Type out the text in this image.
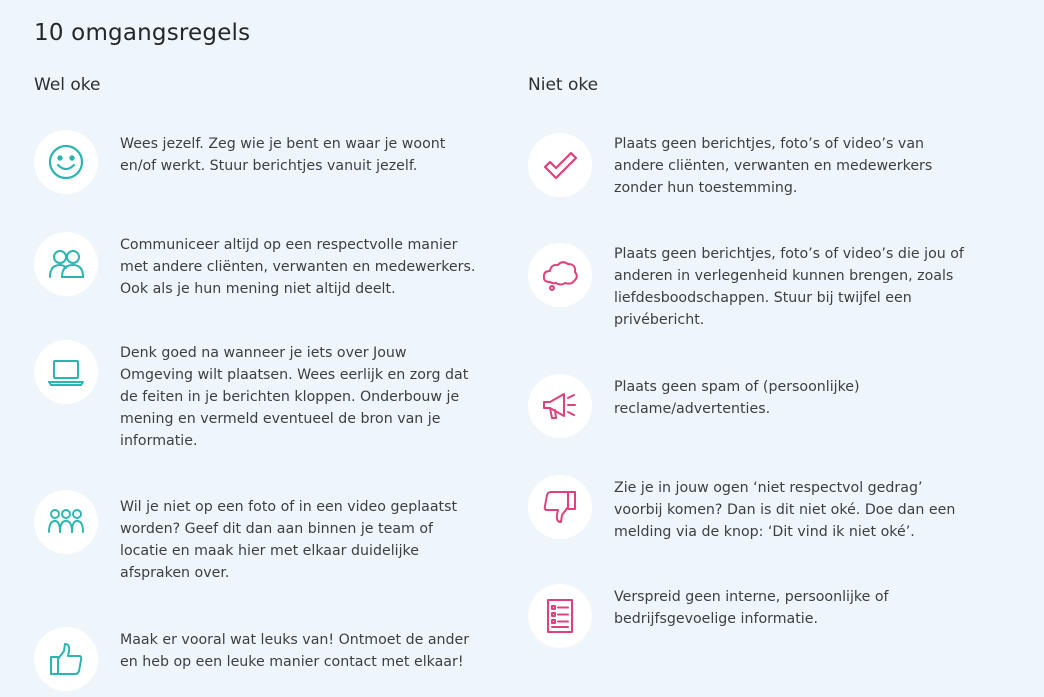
10 omgangsregels
Wel oke	Niet oke
Wees jezelf. Zeg wie je bent en waar je woont
en/of werkt. Stuur berichtjes vanuit jezelf.
Communiceer altijd op een respectvolle manier
met andere cliënten, verwanten en medewerkers.
Ook als je hun mening niet altijd deelt.
Denk goed na wanneer je iets over Jouw
Omgeving wilt plaatsen. Wees eerlijk en zorg dat
de feiten in je berichten kloppen. Onderbouw je
mening en vermeld eventueel de bron van je
informatie.
Wil je niet op een foto of in een video geplaatst
worden? Geef dit dan aan binnen je team of
locatie en maak hier met elkaar duidelijke
afspraken over.
Maak er vooral wat leuks van! Ontmoet de ander
en heb op een leuke manier contact met elkaar!
Plaats geen berichtjes, foto’s of video’s van
andere cliënten, verwanten en medewerkers
zonder hun toestemming.
Plaats geen berichtjes, foto’s of video’s die jou of
anderen in verlegenheid kunnen brengen, zoals
liefdesboodschappen. Stuur bij twijfel een
privébericht.
Plaats geen spam of (persoonlijke)
reclame/advertenties.
Zie je in jouw ogen ‘niet respectvol gedrag’
voorbij komen? Dan is dit niet oké. Doe dan een
melding via de knop: ‘Dit vind ik niet oké’.
Verspreid geen interne, persoonlijke of
bedrijfsgevoelige informatie.
